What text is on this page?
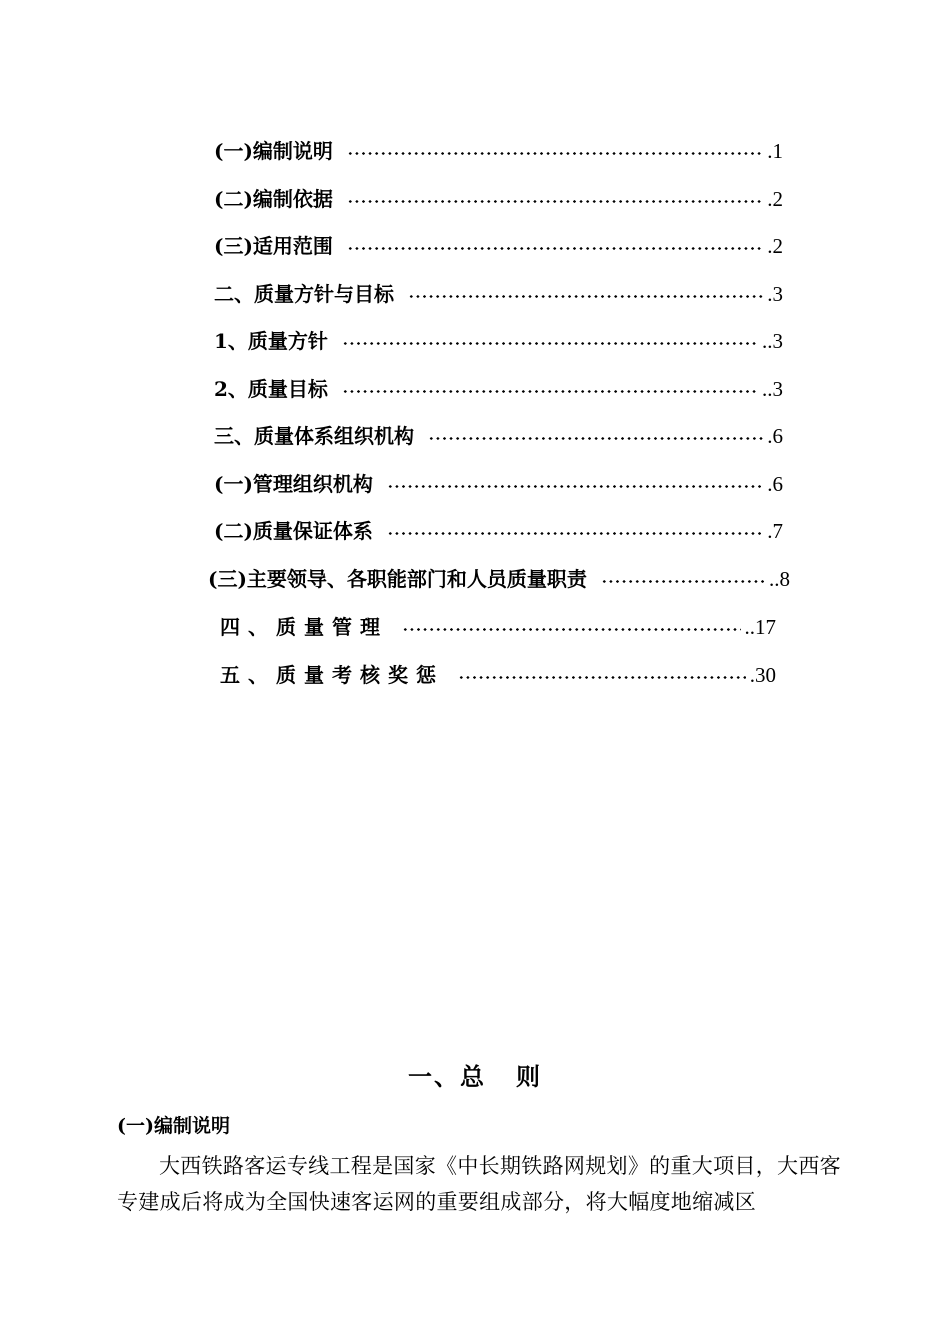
(一)编制说明	.1
(二)编制依据	.2
(三)适用范围	.2
二、质量方针与目标	.3
1、质量方针	..3
2、质量目标	..3
三、质量体系组织机构	.6
(一)管理组织机构	.6
(二)质量保证体系	.7
(三)主要领导、各职能部门和人员质量职责	..8
四、质量管理	..17
五、质量考核奖惩	.30
一、总 则
(一)编制说明
大西铁路客运专线工程是国家《中长期铁路网规划》的重大项目，大西客专建成后将成为全国快速客运网的重要组成部分，将大幅度地缩减区
